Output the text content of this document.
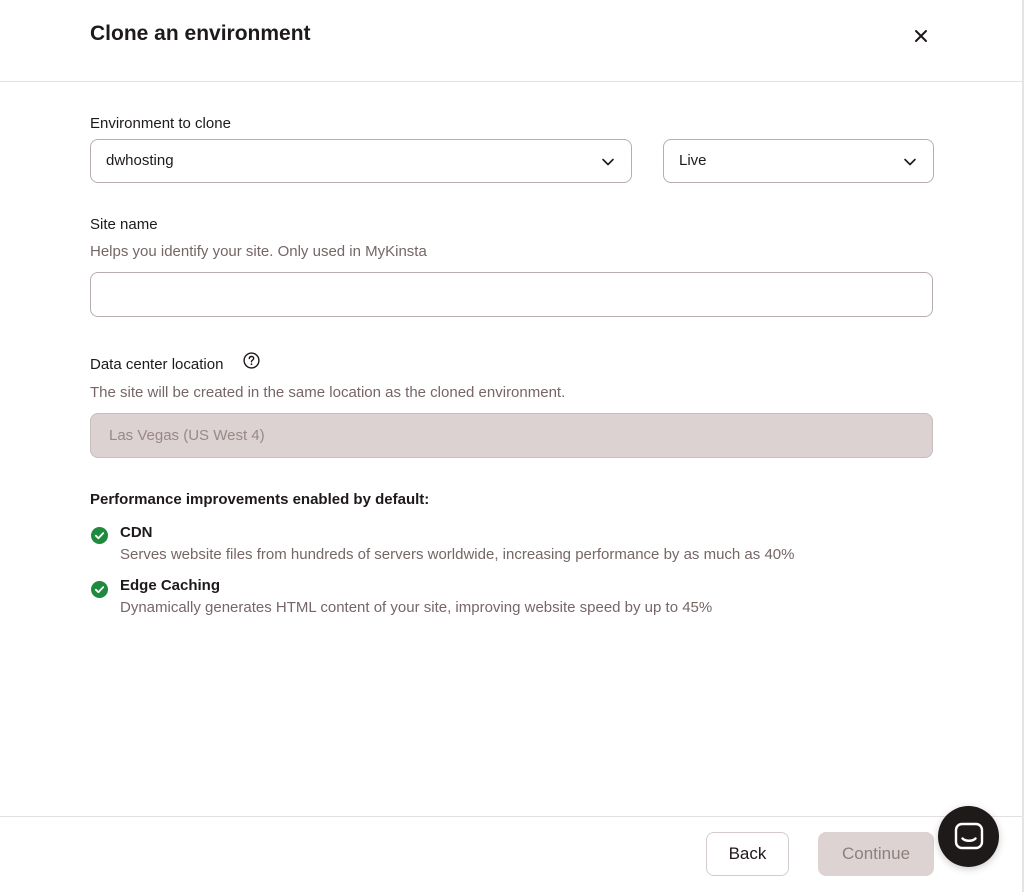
Clone an environment
Environment to clone
dwhosting	Live
Site name
Helps you identify your site. Only used in MyKinsta
Data center location
The site will be created in the same location as the cloned environment.
Las Vegas (US West 4)
Performance improvements enabled by default:
CDN
Serves website files from hundreds of servers worldwide, increasing performance by as much as 40%
Edge Caching
Dynamically generates HTML content of your site, improving website speed by up to 45%
Back	Continue
